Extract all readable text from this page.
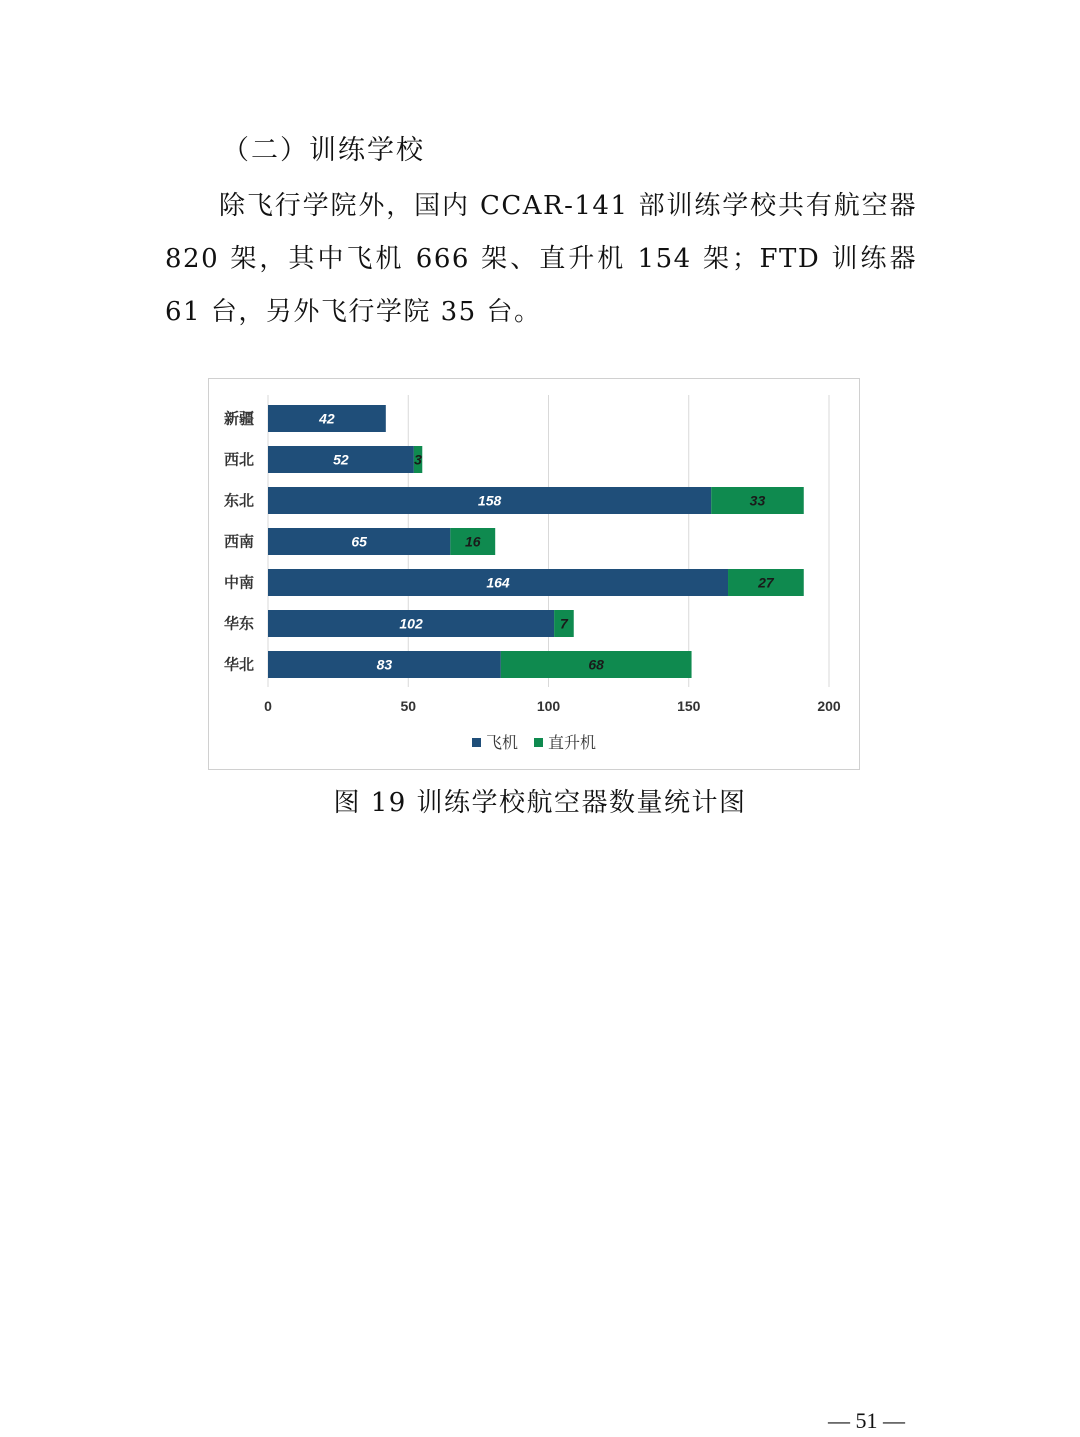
（二）训练学校
除飞行学院外，国内 CCAR-141 部训练学校共有航空器 820 架，其中飞机 666 架、直升机 154 架；FTD 训练器 61 台，另外飞行学院 35 台。
新疆	42
西北	52	3
东北	158	33
西南	65	16
中南	164	27
华东	102	7
华北	83	68
0	50	100	150	200
飞机 直升机
图 19 训练学校航空器数量统计图
— 51 —
